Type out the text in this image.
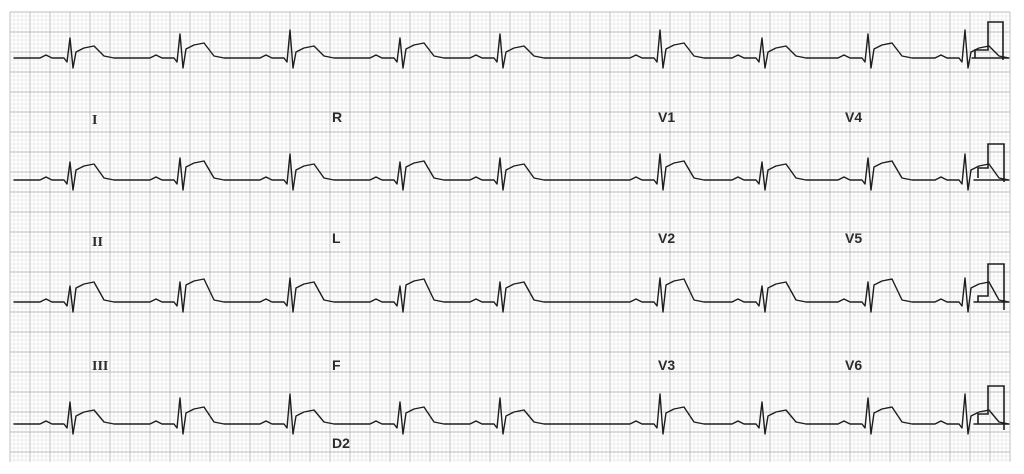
I
II
III
R
L
F
V1
V2
V3
V4
V5
V6
D2
